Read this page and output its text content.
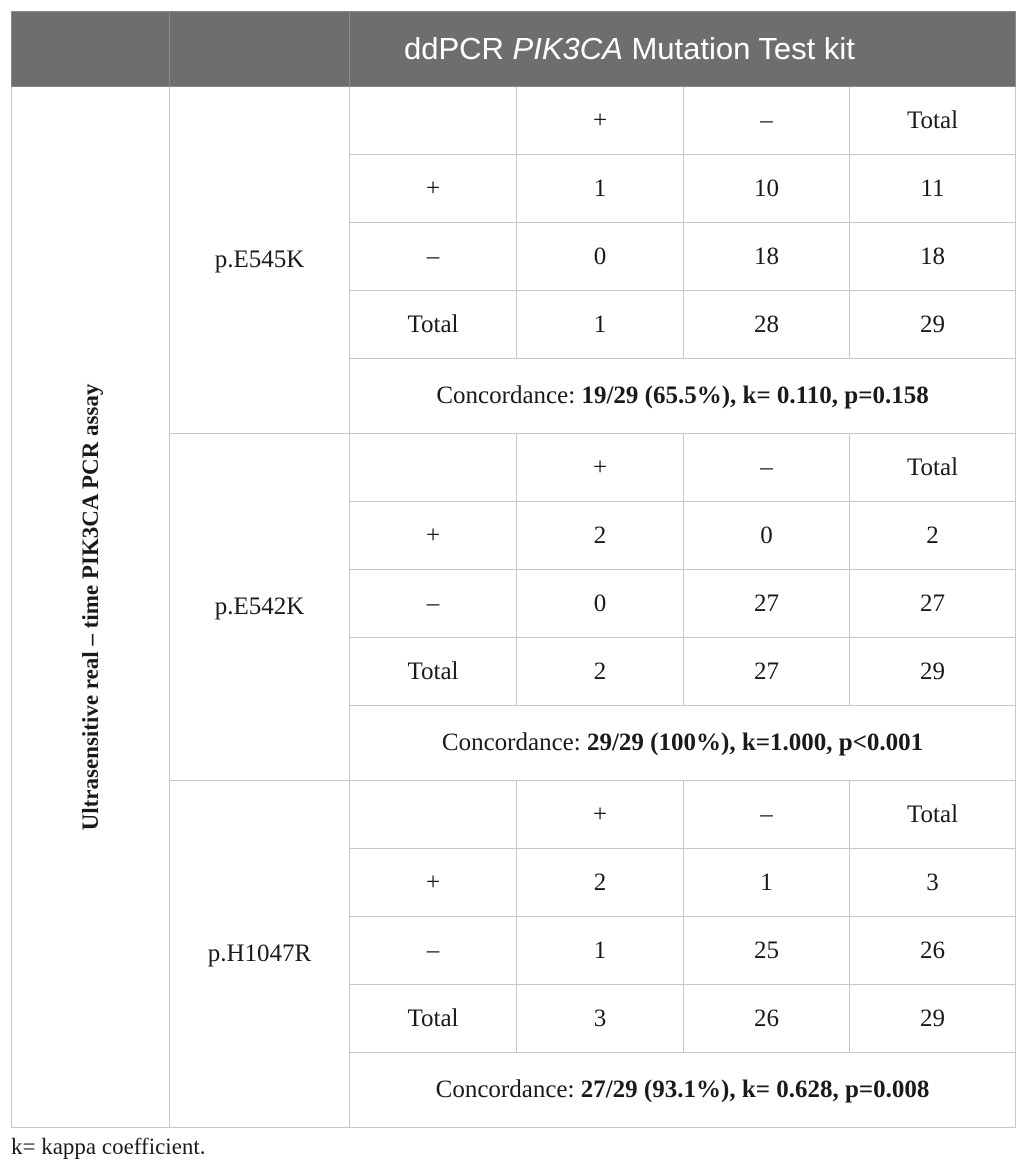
		ddPCR PIK3CA Mutation Test kit			

Ultrasensitive real – time PIK3CA PCR assay	p.E545K		+	–	Total
		+	1	10	11
		–	0	18	18
		Total	1	28	29
		Concordance: 19/29 (65.5%), k= 0.110, p=0.158			
	p.E542K		+	–	Total
		+	2	0	2
		–	0	27	27
		Total	2	27	29
		Concordance: 29/29 (100%), k=1.000, p<0.001			
	p.H1047R		+	–	Total
		+	2	1	3
		–	1	25	26
		Total	3	26	29
		Concordance: 27/29 (93.1%), k= 0.628, p=0.008			
k= kappa coefficient.
